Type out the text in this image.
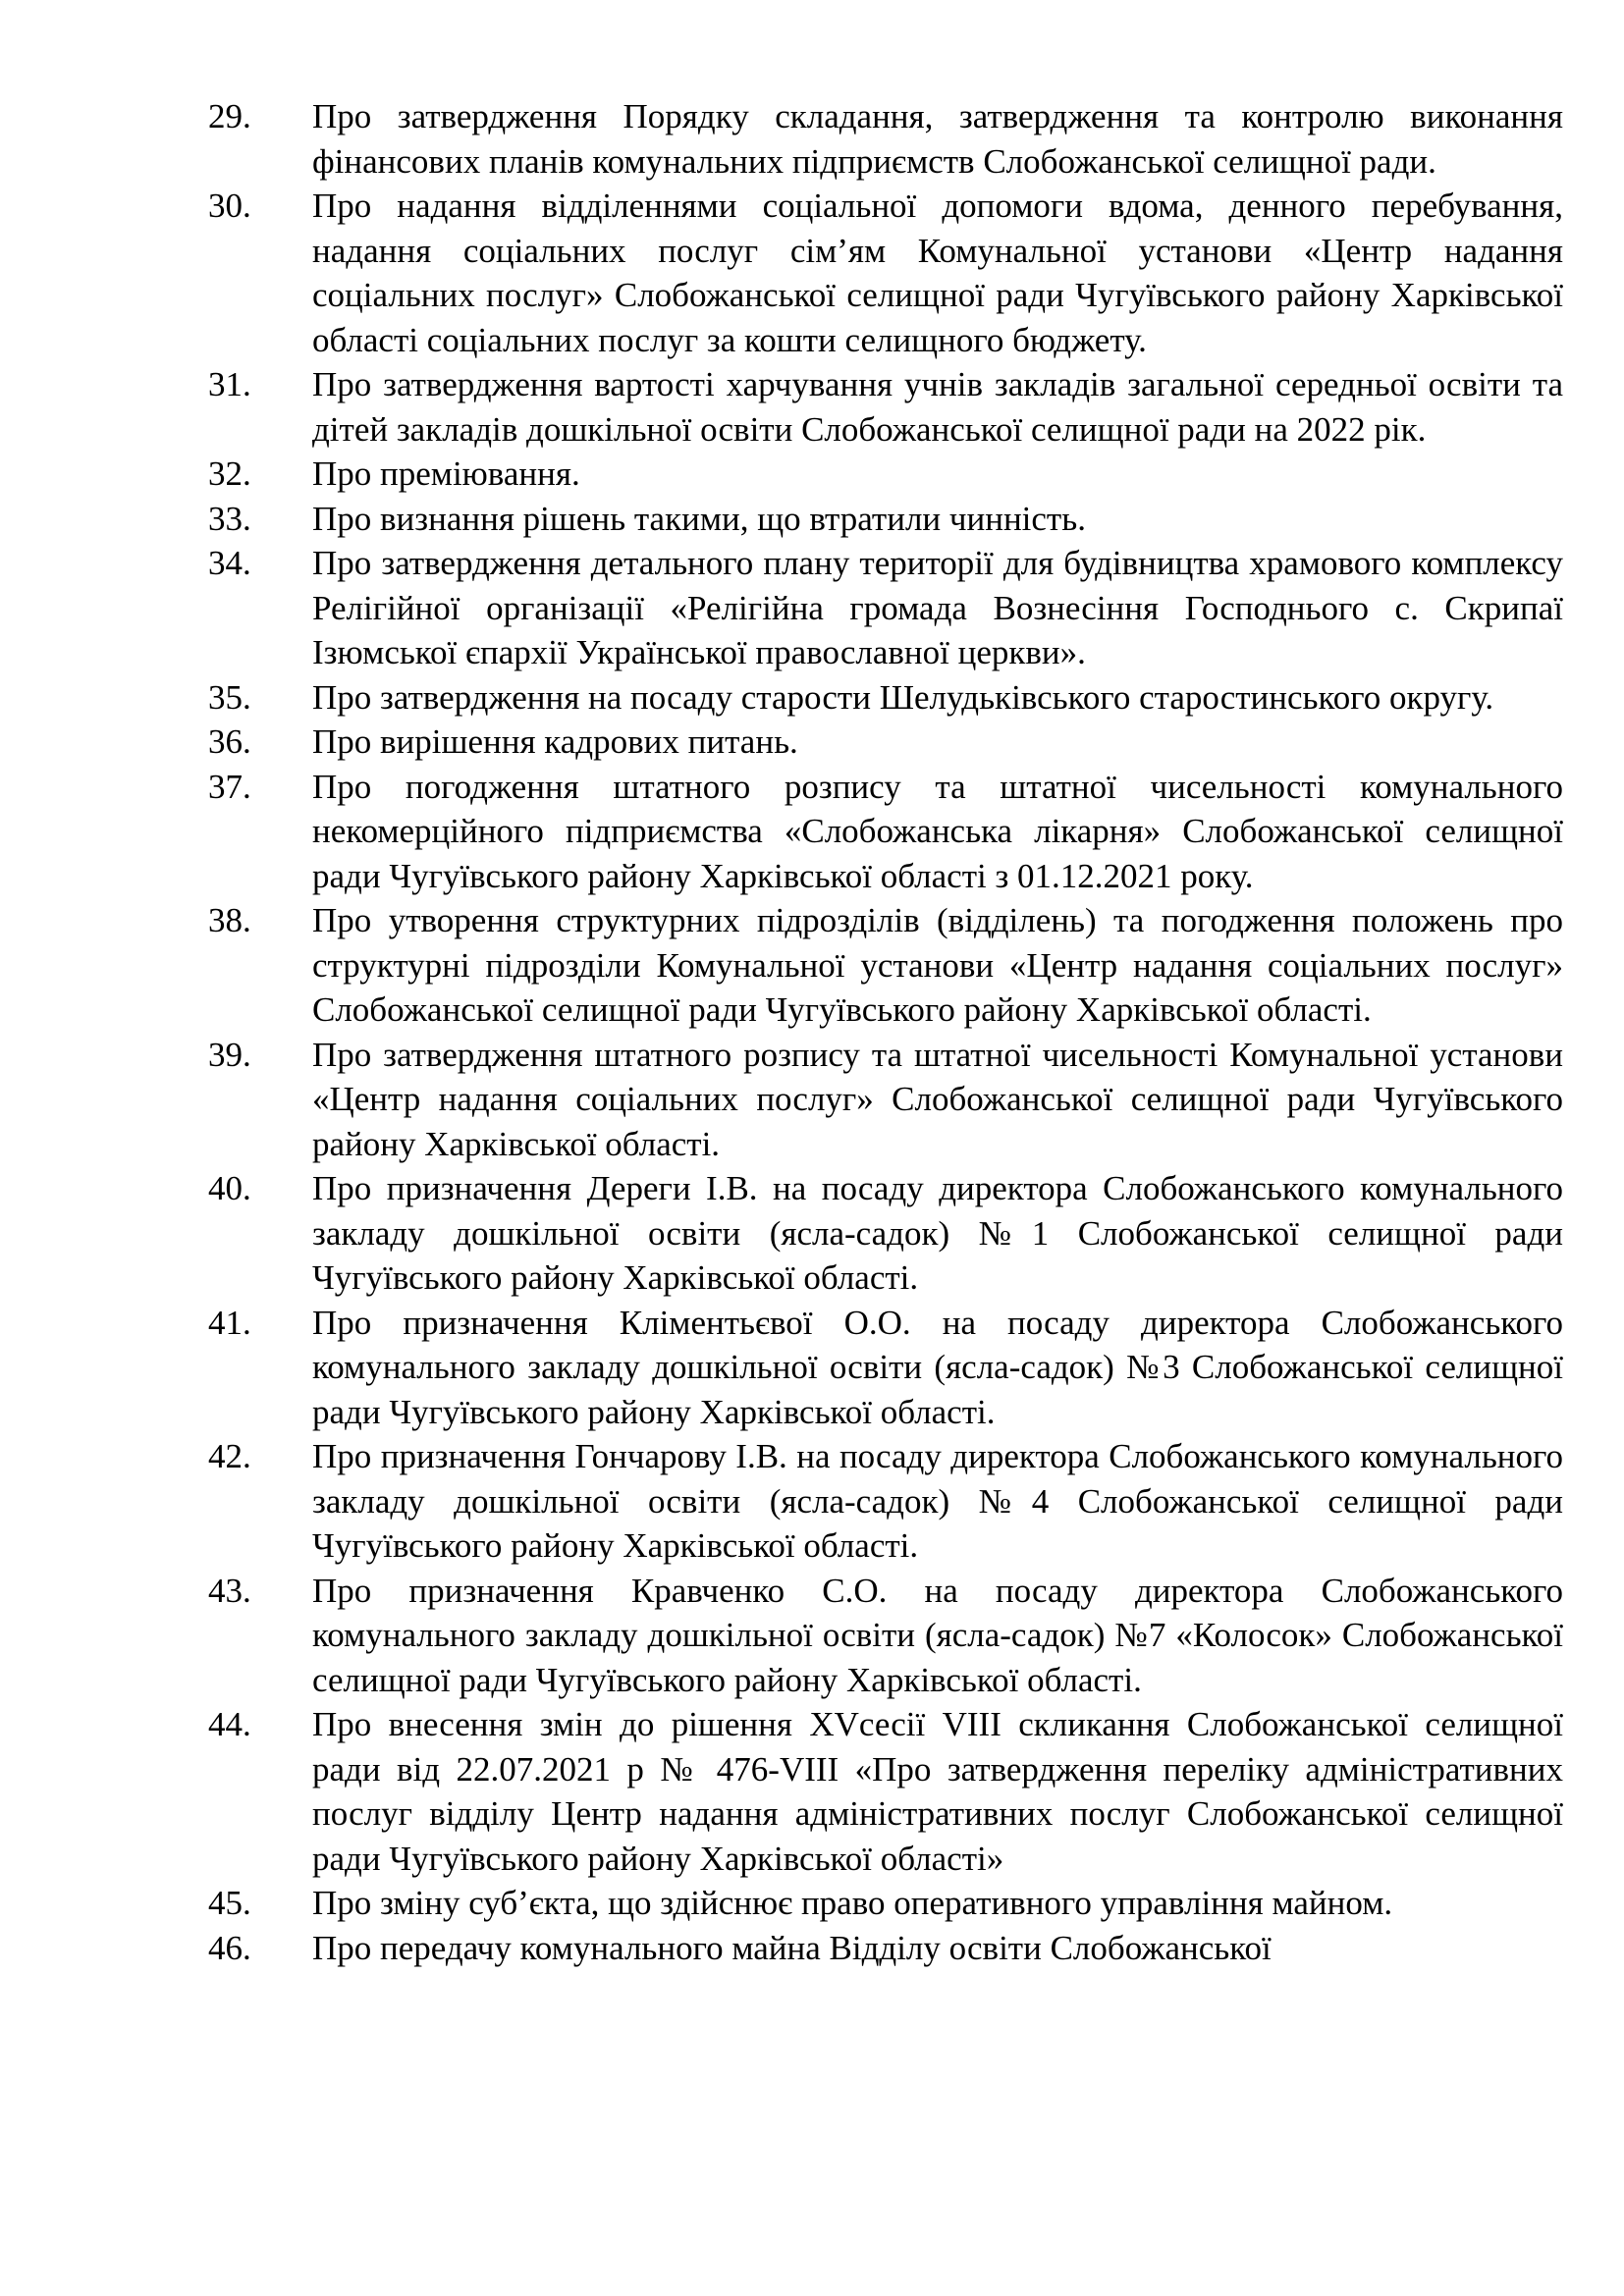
29.	Про затвердження Порядку складання, затвердження та контролю виконання фінансових планів комунальних підприємств Слобожанської селищної ради.
30.	Про надання відділеннями соціальної допомоги вдома, денного перебування, надання соціальних послуг сім’ям Комунальної установи «Центр надання соціальних послуг» Слобожанської селищної ради Чугуївського району Харківської області соціальних послуг за кошти селищного бюджету.
31.	Про затвердження вартості харчування учнів закладів загальної середньої освіти та дітей закладів дошкільної освіти Слобожанської селищної ради на 2022 рік.
32.	Про преміювання.
33.	Про визнання рішень такими, що втратили чинність.
34.	Про затвердження детального плану території для будівництва храмового комплексу Релігійної організації «Релігійна громада Вознесіння Господнього с. Скрипаї Ізюмської єпархії Української православної церкви».
35.	Про затвердження на посаду старости Шелудьківського старостинського округу.
36.	Про вирішення кадрових питань.
37.	Про погодження штатного розпису та штатної чисельності комунального некомерційного підприємства «Слобожанська лікарня» Слобожанської селищної ради Чугуївського району Харківської області з 01.12.2021 року.
38.	Про утворення структурних підрозділів (відділень) та погодження положень про структурні підрозділи Комунальної установи «Центр надання соціальних послуг» Слобожанської селищної ради Чугуївського району Харківської області.
39.	Про затвердження штатного розпису та штатної чисельності Комунальної установи «Центр надання соціальних послуг» Слобожанської селищної ради Чугуївського району Харківської області.
40.	Про призначення Дереги І.В. на посаду директора Слобожанського комунального закладу дошкільної освіти (ясла-садок) №1 Слобожанської селищної ради Чугуївського району Харківської області.
41.	Про призначення Кліментьєвої О.О. на посаду директора Слобожанського комунального закладу дошкільної освіти (ясла-садок) №3 Слобожанської селищної ради Чугуївського району Харківської області.
42.	Про призначення Гончарову І.В. на посаду директора Слобожанського комунального закладу дошкільної освіти (ясла-садок) №4 Слобожанської селищної ради Чугуївського району Харківської області.
43.	Про призначення Кравченко С.О. на посаду директора Слобожанського комунального закладу дошкільної освіти (ясла-садок) №7 «Колосок» Слобожанської селищної ради Чугуївського району Харківської області.
44.	Про внесення змін до рішення XVсесії VIII скликання Слобожанської селищної ради від 22.07.2021 р № 476-VIII «Про затвердження переліку адміністративних послуг відділу Центр надання адміністративних послуг Слобожанської селищної ради Чугуївського району Харківської області»
45.	Про зміну суб’єкта, що здійснює право оперативного управління майном.
46.	Про передачу комунального майна Відділу освіти Слобожанської
